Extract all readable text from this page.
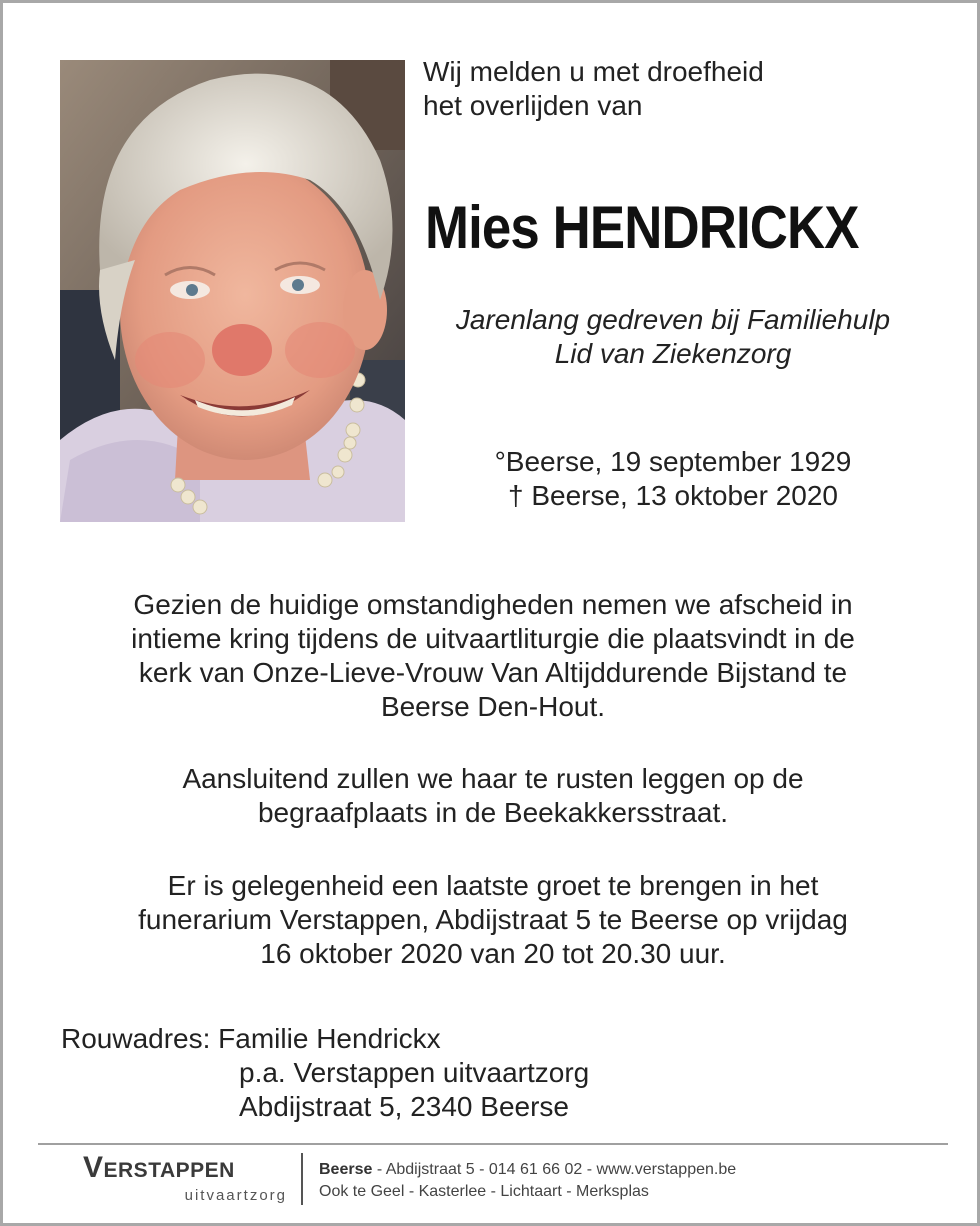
Wij melden u met droefheid
het overlijden van
Mies HENDRICKX
Jarenlang gedreven bij Familiehulp
Lid van Ziekenzorg
°Beerse, 19 september 1929
† Beerse, 13 oktober 2020
Gezien de huidige omstandigheden nemen we afscheid in
intieme kring tijdens de uitvaartliturgie die plaatsvindt in de
kerk van Onze-Lieve-Vrouw Van Altijddurende Bijstand te
Beerse Den-Hout.
Aansluitend zullen we haar te rusten leggen op de
begraafplaats in de Beekakkersstraat.
Er is gelegenheid een laatste groet te brengen in het
funerarium Verstappen, Abdijstraat 5 te Beerse op vrijdag
16 oktober 2020 van 20 tot 20.30 uur.
Rouwadres: Familie Hendrickx
p.a. Verstappen uitvaartzorg
Abdijstraat 5, 2340 Beerse
Verstappen
uitvaartzorg
Beerse - Abdijstraat 5 - 014 61 66 02 - www.verstappen.be
Ook te Geel - Kasterlee - Lichtaart - Merksplas
